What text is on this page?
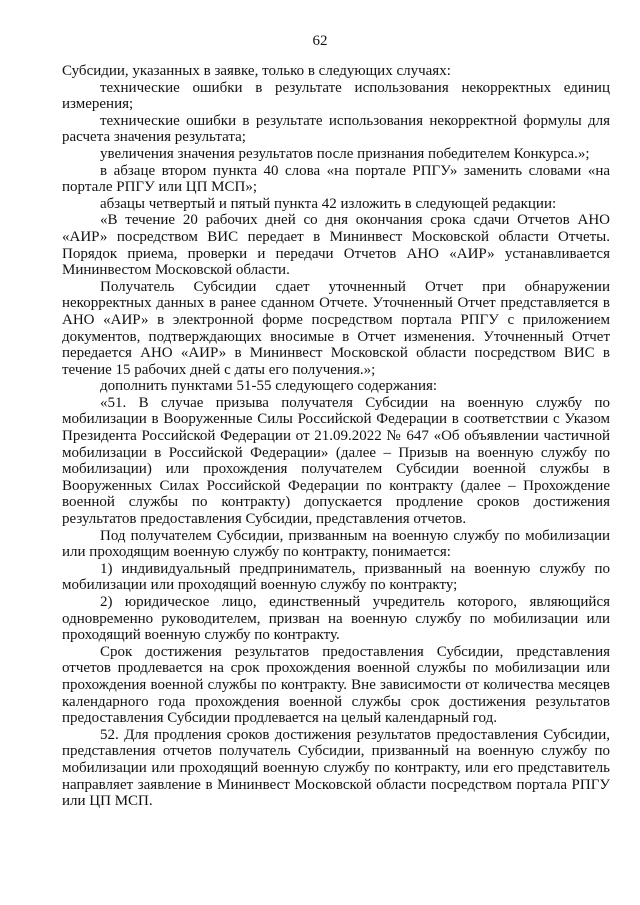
62

Субсидии, указанных в заявке, только в следующих случаях:

технические ошибки в результате использования некорректных единиц измерения;

технические ошибки в результате использования некорректной формулы для расчета значения результата;

увеличения значения результатов после признания победителем Конкурса.»;

в абзаце втором пункта 40 слова «на портале РПГУ» заменить словами «на портале РПГУ или ЦП МСП»;

абзацы четвертый и пятый пункта 42 изложить в следующей редакции:

«В течение 20 рабочих дней со дня окончания срока сдачи Отчетов АНО «АИР» посредством ВИС передает в Мининвест Московской области Отчеты. Порядок приема, проверки и передачи Отчетов АНО «АИР» устанавливается Мининвестом Московской области.

Получатель Субсидии сдает уточненный Отчет при обнаружении некорректных данных в ранее сданном Отчете. Уточненный Отчет представляется в АНО «АИР» в электронной форме посредством портала РПГУ с приложением документов, подтверждающих вносимые в Отчет изменения. Уточненный Отчет передается АНО «АИР» в Мининвест Московской области посредством ВИС в течение 15 рабочих дней с даты его получения.»;

дополнить пунктами 51-55 следующего содержания:

«51. В случае призыва получателя Субсидии на военную службу по мобилизации в Вооруженные Силы Российской Федерации в соответствии с Указом Президента Российской Федерации от 21.09.2022 № 647 «Об объявлении частичной мобилизации в Российской Федерации» (далее – Призыв на военную службу по мобилизации) или прохождения получателем Субсидии военной службы в Вооруженных Силах Российской Федерации по контракту (далее – Прохождение военной службы по контракту) допускается продление сроков достижения результатов предоставления Субсидии, представления отчетов.

Под получателем Субсидии, призванным на военную службу по мобилизации или проходящим военную службу по контракту, понимается:

1) индивидуальный предприниматель, призванный на военную службу по мобилизации или проходящий военную службу по контракту;

2) юридическое лицо, единственный учредитель которого, являющийся одновременно руководителем, призван на военную службу по мобилизации или проходящий военную службу по контракту.

Срок достижения результатов предоставления Субсидии, представления отчетов продлевается на срок прохождения военной службы по мобилизации или прохождения военной службы по контракту. Вне зависимости от количества месяцев календарного года прохождения военной службы срок достижения результатов предоставления Субсидии продлевается на целый календарный год.

52. Для продления сроков достижения результатов предоставления Субсидии, представления отчетов получатель Субсидии, призванный на военную службу по мобилизации или проходящий военную службу по контракту, или его представитель направляет заявление в Мининвест Московской области посредством портала РПГУ или ЦП МСП.
